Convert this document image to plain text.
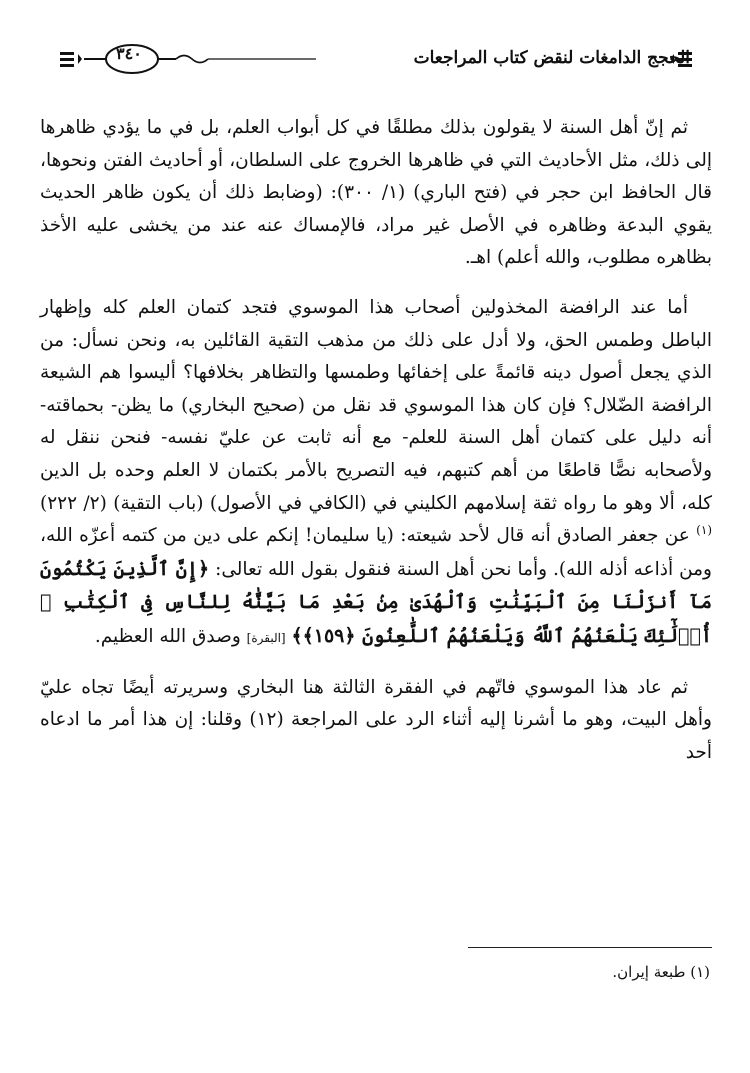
٣٤٠	الحجج الدامغات لنقض كتاب المراجعات

ثم إنّ أهل السنة لا يقولون بذلك مطلقًا في كل أبواب العلم، بل في ما يؤدي ظاهرها إلى ذلك، مثل الأحاديث التي في ظاهرها الخروج على السلطان، أو أحاديث الفتن ونحوها، قال الحافظ ابن حجر في (فتح الباري) (١/ ٣٠٠): (وضابط ذلك أن يكون ظاهر الحديث يقوي البدعة وظاهره في الأصل غير مراد، فالإمساك عنه عند من يخشى عليه الأخذ بظاهره مطلوب، والله أعلم) اهـ.

أما عند الرافضة المخذولين أصحاب هذا الموسوي فتجد كتمان العلم كله وإظهار الباطل وطمس الحق، ولا أدل على ذلك من مذهب التقية القائلين به، ونحن نسأل: من الذي يجعل أصول دينه قائمةً على إخفائها وطمسها والتظاهر بخلافها؟ أليسوا هم الشيعة الرافضة الضّلال؟ فإن كان هذا الموسوي قد نقل من (صحيح البخاري) ما يظن- بحماقته- أنه دليل على كتمان أهل السنة للعلم- مع أنه ثابت عن عليّ نفسه- فنحن ننقل له ولأصحابه نصًّا قاطعًا من أهم كتبهم، فيه التصريح بالأمر بكتمان لا العلم وحده بل الدين كله، ألا وهو ما رواه ثقة إسلامهم الكليني في (الكافي في الأصول) (باب التقية) (٢/ ٢٢٢)$^{(١)}$ عن جعفر الصادق أنه قال لأحد شيعته: (يا سليمان! إنكم على دين من كتمه أعزّه الله، ومن أذاعه أذله الله). وأما نحن أهل السنة فنقول بقول الله تعالى: ﴿إِنَّ ٱلَّذِينَ يَكْتُمُونَ مَآ أَنزَلْنَا مِنَ ٱلْبَيِّنَٰتِ وَٱلْهُدَىٰ مِنۢ بَعْدِ مَا بَيَّنَّٰهُ لِلنَّاسِ فِى ٱلْكِتَٰبِ ۙ أُو۟لَٰٓئِكَ يَلْعَنُهُمُ ٱللَّهُ وَيَلْعَنُهُمُ ٱللَّٰعِنُونَ ﴿١٥٩﴾﴾ [البقرة] وصدق الله العظيم.

ثم عاد هذا الموسوي فاتّهم في الفقرة الثالثة هنا البخاري وسريرته أيضًا تجاه عليّ وأهل البيت، وهو ما أشرنا إليه أثناء الرد على المراجعة (١٢) وقلنا: إن هذا أمر ما ادعاه أحد

(١) طبعة إيران.
